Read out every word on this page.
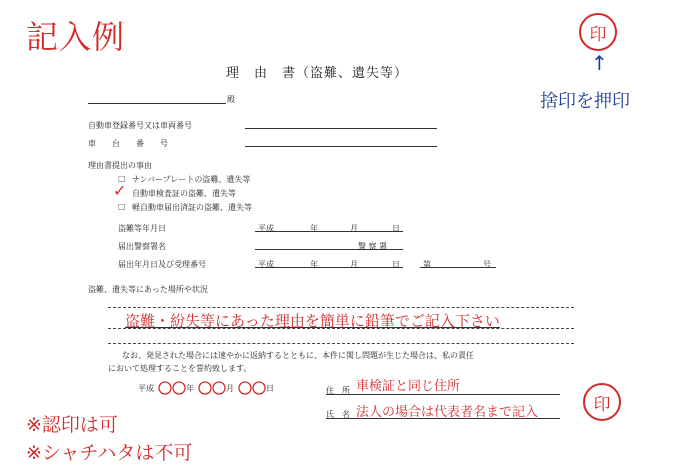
記入例	印
↑
捨印を押印
理　由　書（盗難、遺失等）
殿
自動車登録番号又は車両番号
車　　台　　番　　号
理由書提出の事由
□ ナンバープレートの盗難、遺失等
✓ 自動車検査証の盗難、遺失等
□ 軽自動車届出済証の盗難、遺失等
盗難等年月日	平成	年	月	日
届出警察署名	警 察 署
届出年月日及び受理番号	平成	年	月	日	第	号
盗難、遺失等にあった場所や状況
盗難・紛失等にあった理由を簡単に鉛筆でご記入下さい
なお、発見された場合には速やかに返納するとともに、本件に関し問題が生じた場合は、私の責任
において処理することを誓約致します。
平成	年	月	日	住　所 車検証と同じ住所
氏　名 法人の場合は代表者名まで記入	印
※認印は可
※シャチハタは不可
